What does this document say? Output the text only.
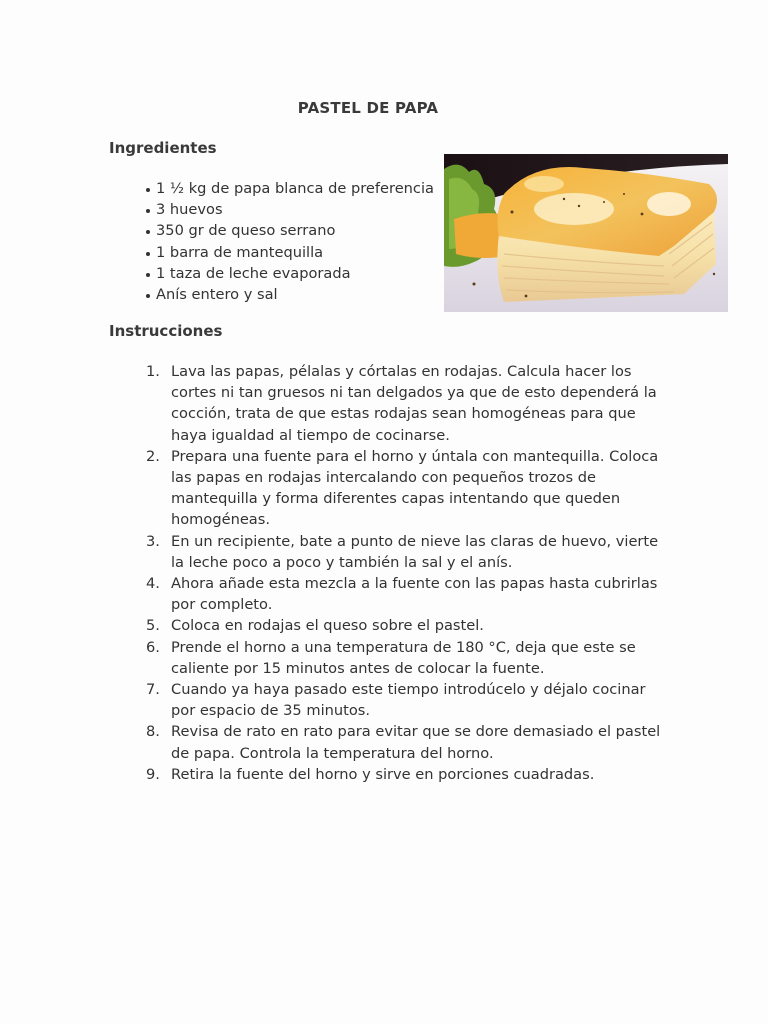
PASTEL DE PAPA
Ingredientes
1 ½ kg de papa blanca de preferencia
3 huevos
350 gr de queso serrano
1 barra de mantequilla
1 taza de leche evaporada
Anís entero y sal
Instrucciones
1. Lava las papas, pélalas y córtalas en rodajas. Calcula hacer los cortes ni tan gruesos ni tan delgados ya que de esto dependerá la cocción, trata de que estas rodajas sean homogéneas para que haya igualdad al tiempo de cocinarse.
2. Prepara una fuente para el horno y úntala con mantequilla. Coloca las papas en rodajas intercalando con pequeños trozos de mantequilla y forma diferentes capas intentando que queden homogéneas.
3. En un recipiente, bate a punto de nieve las claras de huevo, vierte la leche poco a poco y también la sal y el anís.
4. Ahora añade esta mezcla a la fuente con las papas hasta cubrirlas por completo.
5. Coloca en rodajas el queso sobre el pastel.
6. Prende el horno a una temperatura de 180 °C, deja que este se caliente por 15 minutos antes de colocar la fuente.
7. Cuando ya haya pasado este tiempo introdúcelo y déjalo cocinar por espacio de 35 minutos.
8. Revisa de rato en rato para evitar que se dore demasiado el pastel de papa. Controla la temperatura del horno.
9. Retira la fuente del horno y sirve en porciones cuadradas.
